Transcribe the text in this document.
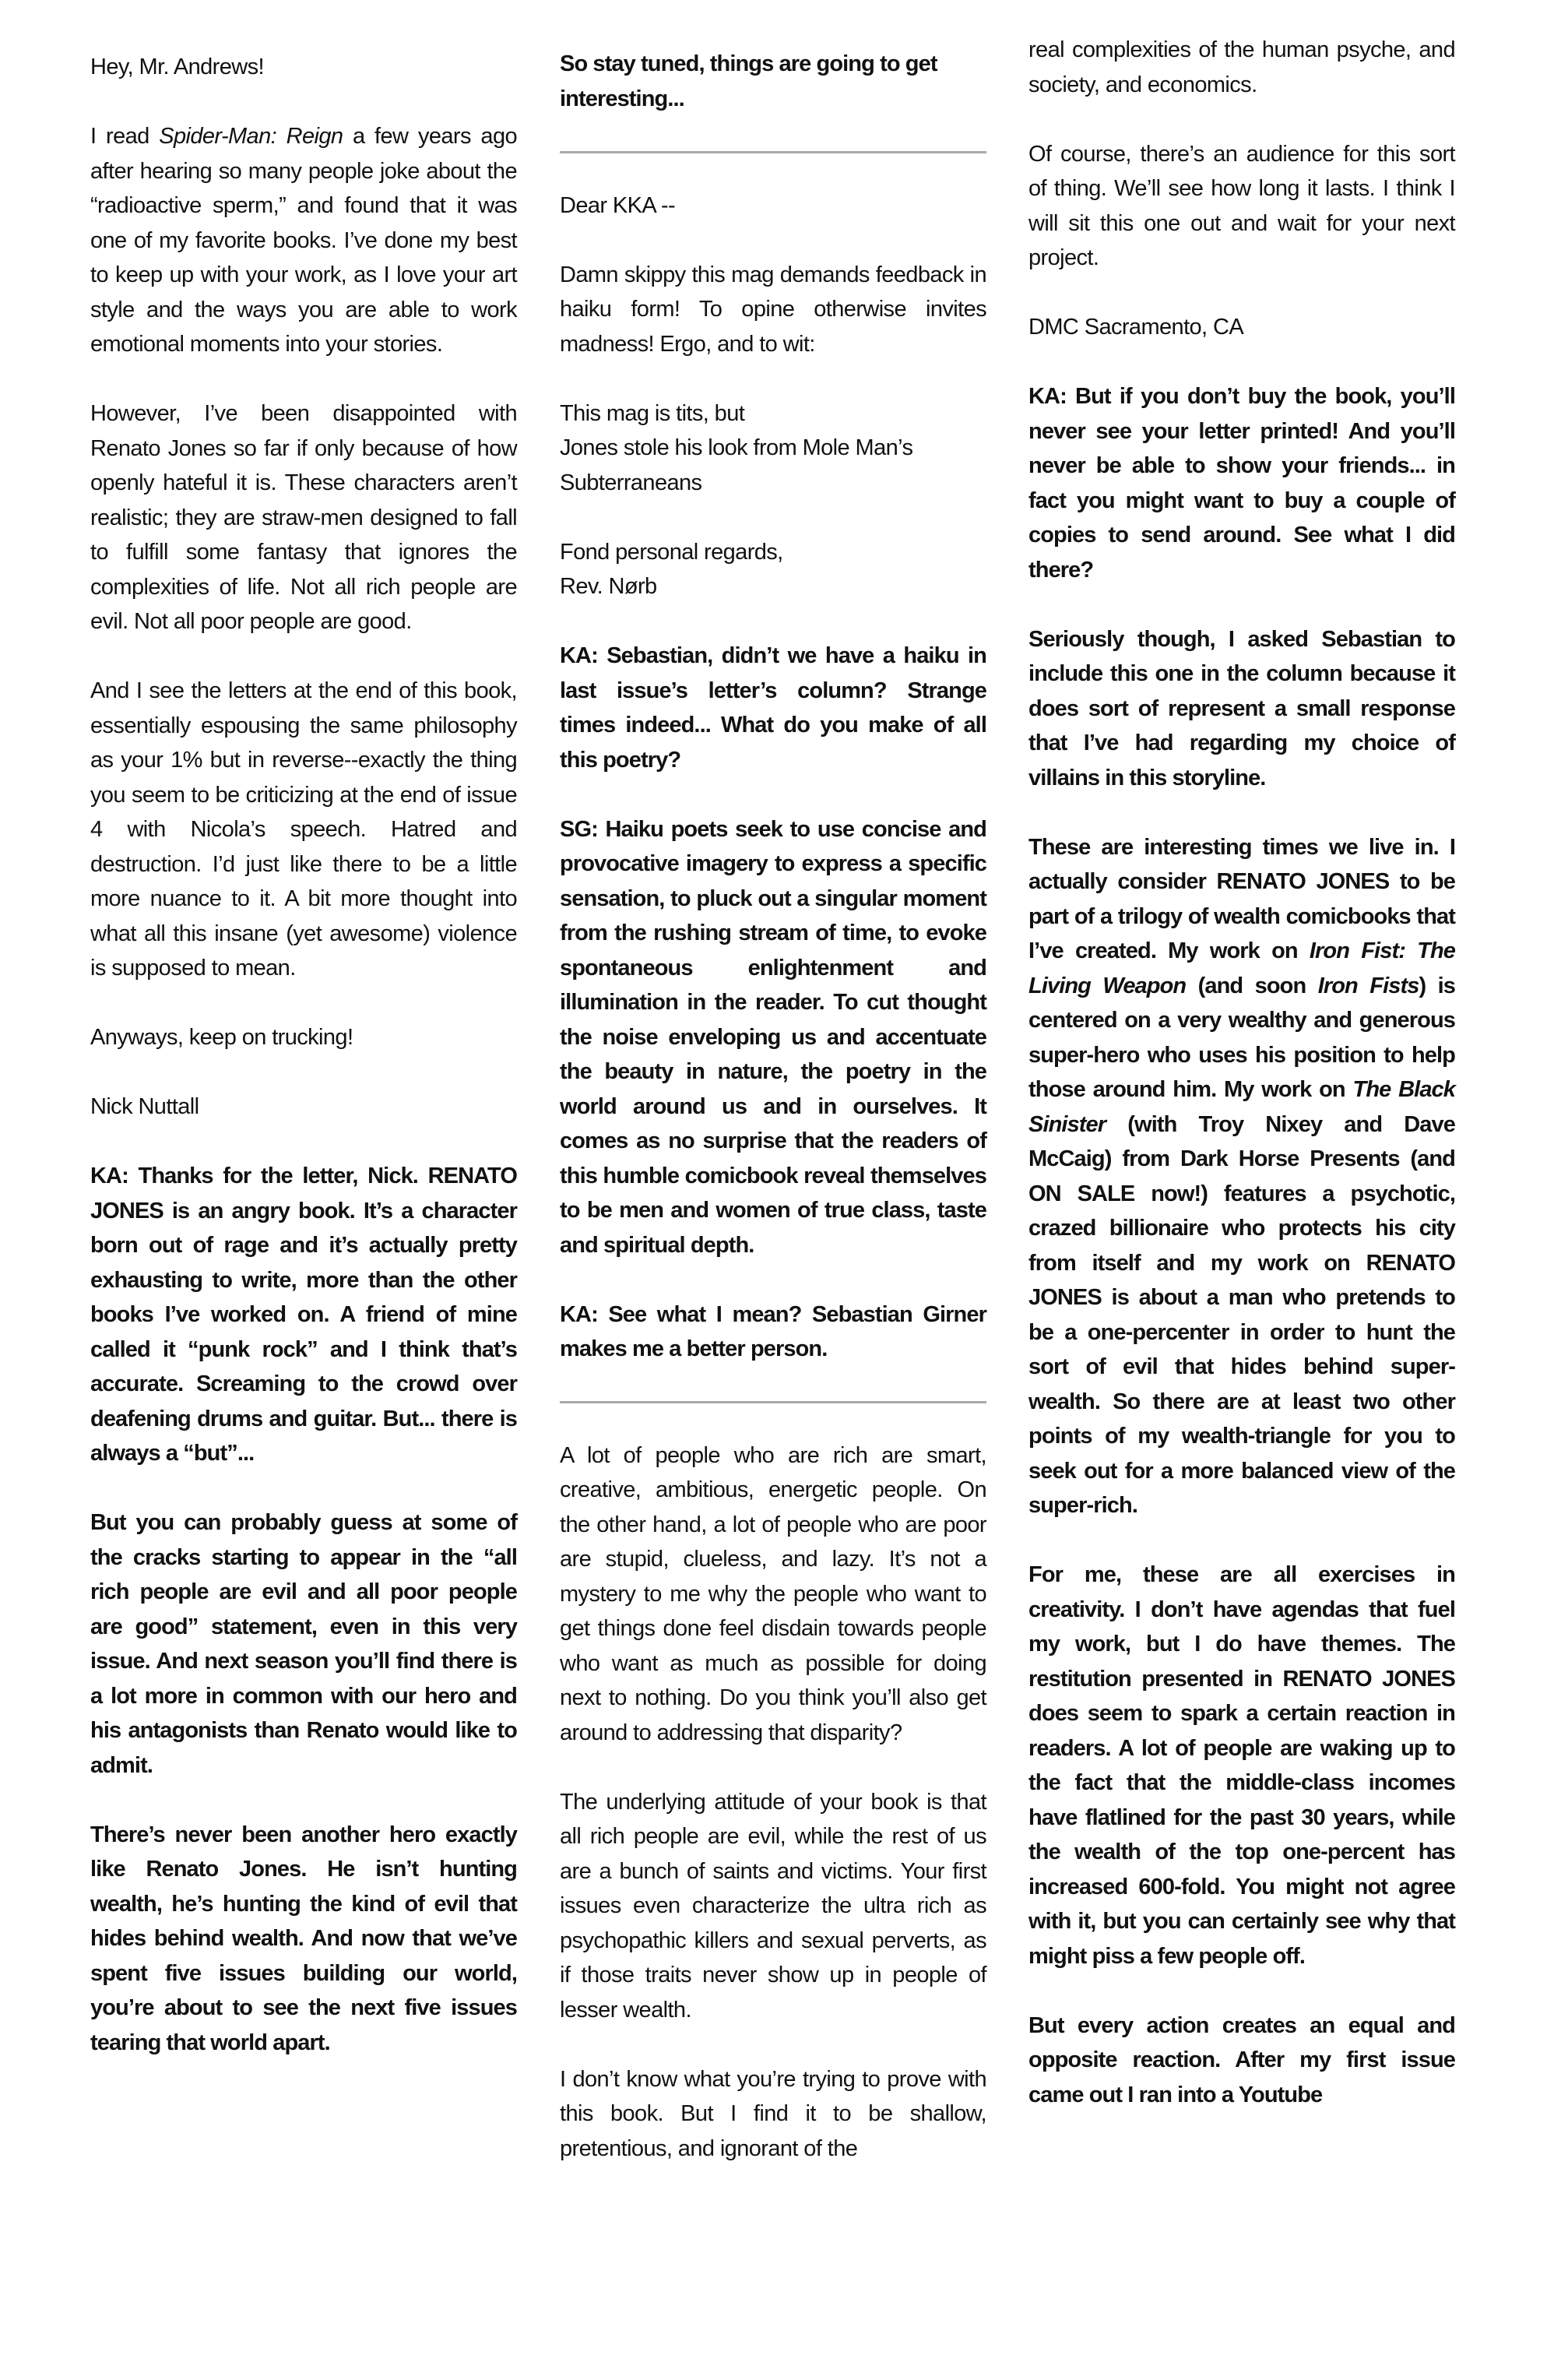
Hey, Mr. Andrews!

I read Spider-Man: Reign a few years ago after hearing so many people joke about the “radioactive sperm,” and found that it was one of my favorite books. I’ve done my best to keep up with your work, as I love your art style and the ways you are able to work emotional moments into your stories.

However, I’ve been disappointed with Renato Jones so far if only because of how openly hateful it is. These characters aren’t realistic; they are straw-men designed to fall to fulfill some fantasy that ignores the complexities of life. Not all rich people are evil. Not all poor people are good.

And I see the letters at the end of this book, essentially espousing the same philosophy as your 1% but in reverse--exactly the thing you seem to be criticizing at the end of issue 4 with Nicola’s speech. Hatred and destruction. I’d just like there to be a little more nuance to it. A bit more thought into what all this insane (yet awesome) violence is supposed to mean.

Anyways, keep on trucking!

Nick Nuttall

KA: Thanks for the letter, Nick. RENATO JONES is an angry book. It’s a character born out of rage and it’s actually pretty exhausting to write, more than the other books I’ve worked on. A friend of mine called it “punk rock” and I think that’s accurate. Screaming to the crowd over deafening drums and guitar. But... there is always a “but”...

But you can probably guess at some of the cracks starting to appear in the “all rich people are evil and all poor people are good” statement, even in this very issue. And next season you’ll find there is a lot more in common with our hero and his antagonists than Renato would like to admit.

There’s never been another hero exactly like Renato Jones. He isn’t hunting wealth, he’s hunting the kind of evil that hides behind wealth. And now that we’ve spent five issues building our world, you’re about to see the next five issues tearing that world apart.

So stay tuned, things are going to get interesting...

Dear KKA --

Damn skippy this mag demands feedback in haiku form! To opine otherwise invites madness! Ergo, and to wit:

This mag is tits, but

Jones stole his look from Mole Man’s

Subterraneans

Fond personal regards,

Rev. Nørb

KA: Sebastian, didn’t we have a haiku in last issue’s letter’s column? Strange times indeed... What do you make of all this poetry?

SG: Haiku poets seek to use concise and provocative imagery to express a specific sensation, to pluck out a singular moment from the rushing stream of time, to evoke spontaneous enlightenment and illumination in the reader. To cut thought the noise enveloping us and accentuate the beauty in nature, the poetry in the world around us and in ourselves. It comes as no surprise that the readers of this humble comicbook reveal themselves to be men and women of true class, taste and spiritual depth.

KA: See what I mean? Sebastian Girner makes me a better person.

A lot of people who are rich are smart, creative, ambitious, energetic people. On the other hand, a lot of people who are poor are stupid, clueless, and lazy. It’s not a mystery to me why the people who want to get things done feel disdain towards people who want as much as possible for doing next to nothing. Do you think you’ll also get around to addressing that disparity?

The underlying attitude of your book is that all rich people are evil, while the rest of us are a bunch of saints and victims. Your first issues even characterize the ultra rich as psychopathic killers and sexual perverts, as if those traits never show up in people of lesser wealth.

I don’t know what you’re trying to prove with this book. But I find it to be shallow, pretentious, and ignorant of the

real complexities of the human psyche, and society, and economics.

Of course, there’s an audience for this sort of thing. We’ll see how long it lasts. I think I will sit this one out and wait for your next project.

DMC Sacramento, CA

KA: But if you don’t buy the book, you’ll never see your letter printed! And you’ll never be able to show your friends... in fact you might want to buy a couple of copies to send around. See what I did there?

Seriously though, I asked Sebastian to include this one in the column because it does sort of represent a small response that I’ve had regarding my choice of villains in this storyline.

These are interesting times we live in. I actually consider RENATO JONES to be part of a trilogy of wealth comicbooks that I’ve created. My work on Iron Fist: The Living Weapon (and soon Iron Fists) is centered on a very wealthy and generous super-hero who uses his position to help those around him. My work on The Black Sinister (with Troy Nixey and Dave McCaig) from Dark Horse Presents (and ON SALE now!) features a psychotic, crazed billionaire who protects his city from itself and my work on RENATO JONES is about a man who pretends to be a one-percenter in order to hunt the sort of evil that hides behind super-wealth. So there are at least two other points of my wealth-triangle for you to seek out for a more balanced view of the super-rich.

For me, these are all exercises in creativity. I don’t have agendas that fuel my work, but I do have themes. The restitution presented in RENATO JONES does seem to spark a certain reaction in readers. A lot of people are waking up to the fact that the middle-class incomes have flatlined for the past 30 years, while the wealth of the top one-percent has increased 600-fold. You might not agree with it, but you can certainly see why that might piss a few people off.

But every action creates an equal and opposite reaction. After my first issue came out I ran into a Youtube
